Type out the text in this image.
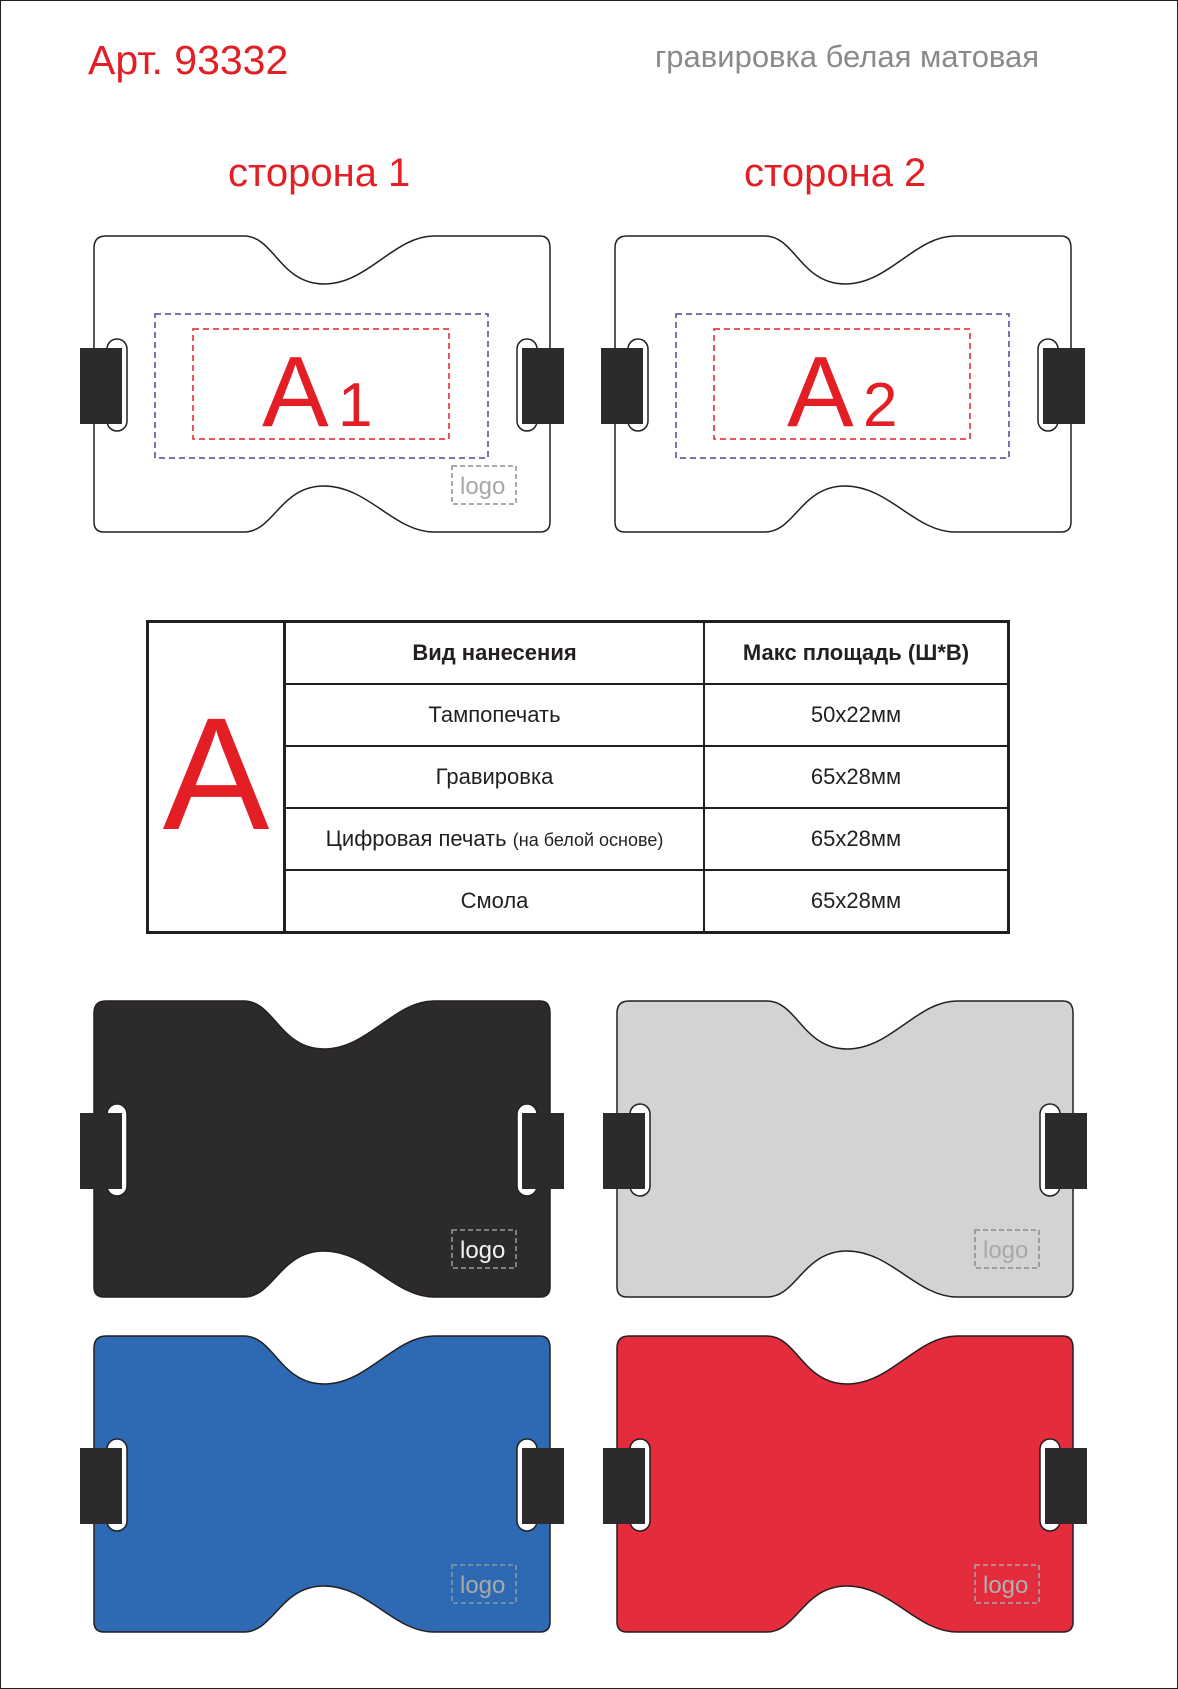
Арт. 93332	гравировка белая матовая
сторона 1	сторона 2
A 1
logo
A 2
logo	logo
logo	logo
A	Вид нанесения	Макс площадь (Ш*В)
	Тампопечать	50x22мм
	Гравировка	65x28мм
	Цифровая печать (на белой основе)	65x28мм
	Смола	65x28мм
